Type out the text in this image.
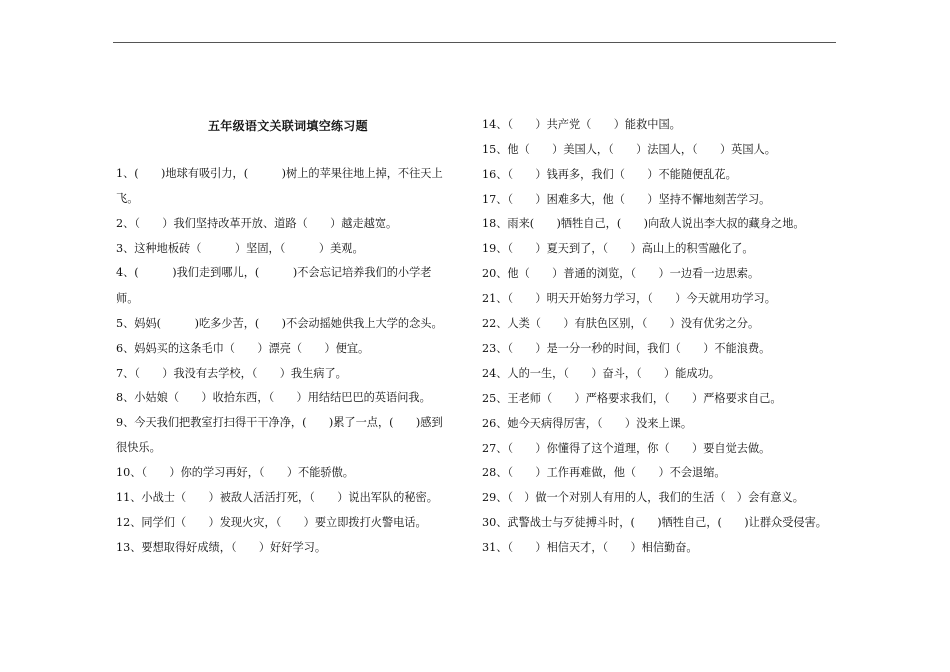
五年级语文关联词填空练习题
1、(　　)地球有吸引力，(　　　)树上的苹果往地上掉，不往天上
飞。
2、（　　）我们坚持改革开放、道路（　　）越走越宽。
3、这种地板砖（　　　）坚固，（　　　）美观。
4、(　　　)我们走到哪儿，(　　　)不会忘记培养我们的小学老
师。
5、妈妈(　　　)吃多少苦，(　　)不会动摇她供我上大学的念头。
6、妈妈买的这条毛巾（　　）漂亮（　　）便宜。
7、（　　）我没有去学校，（　　）我生病了。
8、小姑娘（　　）收拾东西，（　　）用结结巴巴的英语问我。
9、今天我们把教室打扫得干干净净，(　　)累了一点，(　　)感到
很快乐。
10、（　　）你的学习再好，（　　）不能骄傲。
11、小战士（　　）被敌人活活打死，（　　）说出军队的秘密。
12、同学们（　　）发现火灾，（　　）要立即拨打火警电话。
13、要想取得好成绩，（　　）好好学习。
14、（　　）共产党（　　）能救中国。
15、他（　　）美国人，（　　）法国人，（　　）英国人。
16、（　　）钱再多，我们（　　）不能随便乱花。
17、（　　）困难多大，他（　　）坚持不懈地刻苦学习。
18、雨来(　　)牺牲自己，(　　)向敌人说出李大叔的藏身之地。
19、（　　）夏天到了，（　　）高山上的积雪融化了。
20、他（　　）普通的浏览，（　　）一边看一边思索。
21、（　　）明天开始努力学习，（　　）今天就用功学习。
22、人类（　　）有肤色区别，（　　）没有优劣之分。
23、（　　）是一分一秒的时间，我们（　　）不能浪费。
24、人的一生，（　　）奋斗，（　　）能成功。
25、王老师（　　）严格要求我们，（　　）严格要求自己。
26、她今天病得厉害，（　　）没来上课。
27、（　　）你懂得了这个道理，你（　　）要自觉去做。
28、（　　）工作再难做，他（　　）不会退缩。
29、（　）做一个对别人有用的人，我们的生活（　）会有意义。
30、武警战士与歹徒搏斗时，(　　)牺牲自己，(　　)让群众受侵害。
31、（　　）相信天才，（　　）相信勤奋。
